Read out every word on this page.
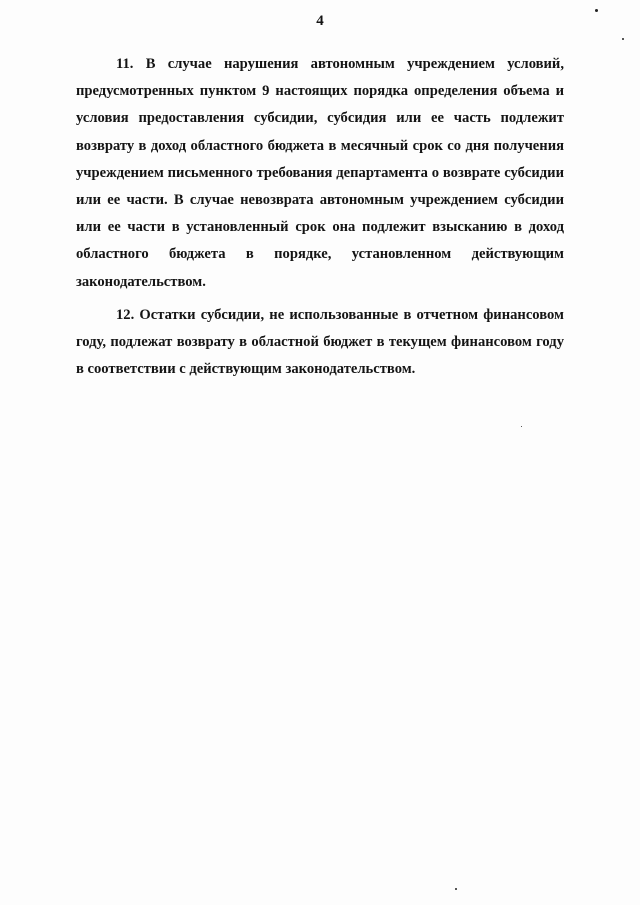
4

11. В случае нарушения автономным учреждением условий, предусмотренных пунктом 9 настоящих порядка определения объема и условия предоставления субсидии, субсидия или ее часть подлежит возврату в доход областного бюджета в месячный срок со дня получения учреждением письменного требования департамента о возврате субсидии или ее части. В случае невозврата автономным учреждением субсидии или ее части в установленный срок она подлежит взысканию в доход областного бюджета в порядке, установленном действующим законодательством.

12. Остатки субсидии, не использованные в отчетном финансовом году, подлежат возврату в областной бюджет в текущем финансовом году в соответствии с действующим законодательством.
